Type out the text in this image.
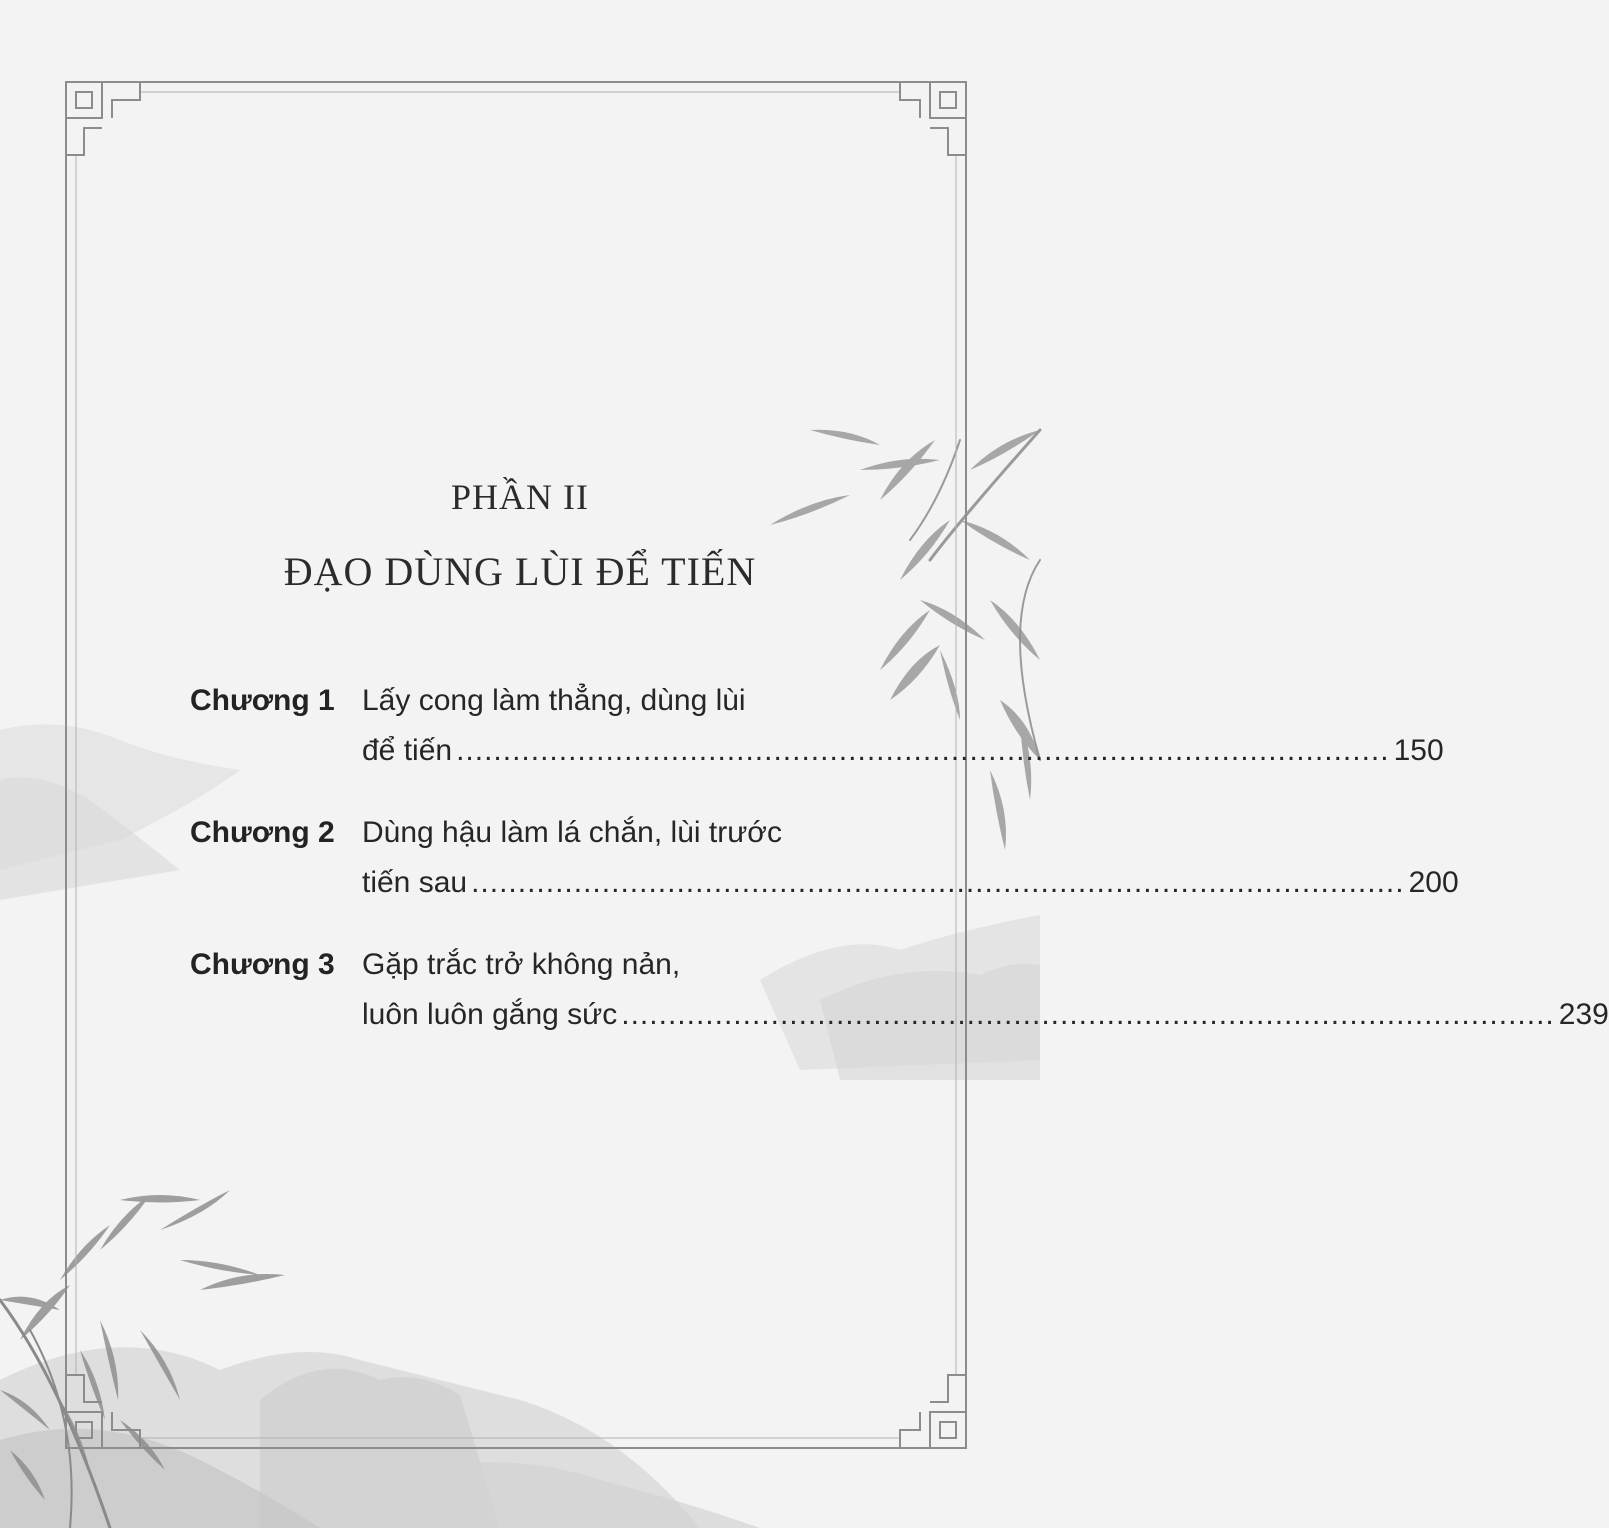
PHẦN II
ĐẠO DÙNG LÙI ĐỂ TIẾN
Chương 1 Lấy cong làm thẳng, dùng lùi
để tiến .................................................................................................... 150
Chương 2 Dùng hậu làm lá chắn, lùi trước
tiến sau .................................................................................................... 200
Chương 3 Gặp trắc trở không nản,
luôn luôn gắng sức .................................................................................................... 239
